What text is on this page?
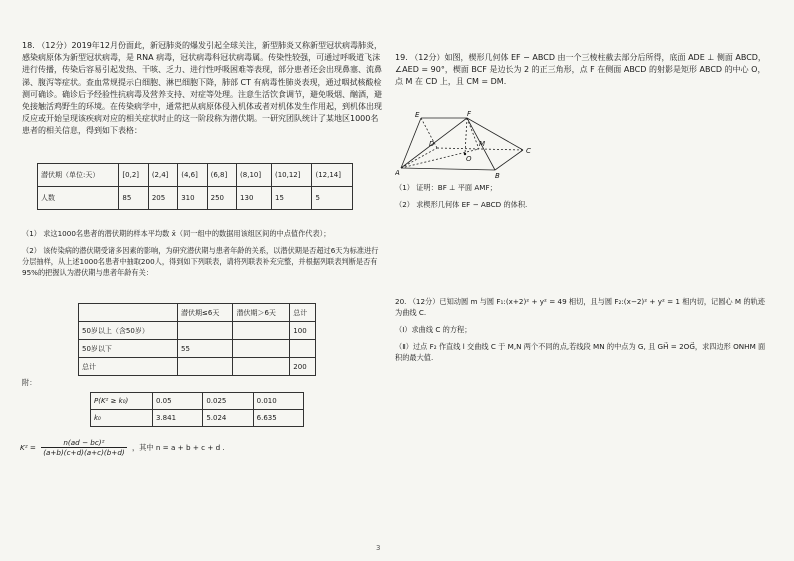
18. （12分）2019年12月份面此，新冠肺炎的爆发引起全球关注，新型肺炎又称新型冠状病毒肺炎，感染病原体为新型冠状病毒，是 RNA 病毒，冠状病毒科冠状病毒属。传染性较强，可通过呼吸道飞沫进行传播，传染后容易引起发热、干咳、乏力、进行性呼吸困难等表现，部分患者还会出现鼻塞、流鼻涕、腹泻等症状。查血常规提示白细胞、淋巴细胞下降，肺部 CT 有病毒性肺炎表现，通过咽拭核酸检测可确诊。确诊后予经验性抗病毒及营养支持、对症等处理。注意生活饮食调节，避免吸烟、酗酒，避免接触活鸡野生的环境。在传染病学中，通常把从病原体侵入机体或者对机体发生作用起，到机体出现反应或开始呈现该疾病对应的相关症状时止的这一阶段称为潜伏期。一研究团队统计了某地区1000名患者的相关信息，得到如下表格：

潜伏期（单位:天）	[0,2]	(2,4]	(4,6]	(6,8]	(8,10]	(10,12]	(12,14]
人数	85	205	310	250	130	15	5

（1） 求这1000名患者的潜伏期的样本平均数 x̄（同一组中的数据用该组区间的中点值作代表）；

（2） 该传染病的潜伏期受诸多因素的影响，为研究潜伏期与患者年龄的关系，以潜伏期是否超过6天为标准进行分层抽样，从上述1000名患者中抽取200人，得到如下列联表，请将列联表补充完整，并根据列联表判断是否有95%的把握认为潜伏期与患者年龄有关：

	潜伏期≤6天	潜伏期＞6天	总计
50岁以上（含50岁）			100
50岁以下	55		
总计			200
附：
P(K² ≥ k₀)	0.05	0.025	0.010
k₀	3.841	5.024	6.635
$K^2 = \frac{\text{n(ad − bc)²}}{(a+b)(c+d)(a+c)(b+d)}$ ，其中 n = a + b + c + d .

19. （12分）如图，楔形几何体 EF − ABCD 由一个三棱柱截去部分后所得，底面 ADE ⊥ 侧面 ABCD，∠AED = 90°，楔面 BCF 是边长为 2 的正三角形，点 F 在侧面 ABCD 的射影是矩形 ABCD 的中心 O，点 M 在 CD 上，且 CM = DM.

E	F
D	M
C
O
A	B

（1） 证明：BF ⊥ 平面 AMF；

（2） 求楔形几何体 EF − ABCD 的体积.

20. （12分）已知动圆 m 与圆 F₁:(x+2)² + y² = 49 相切，且与圆 F₂:(x−2)² + y² = 1 相内切，记圆心 M 的轨迹为曲线 C.

（Ⅰ）求曲线 C 的方程；

（Ⅱ）过点 F₂ 作直线 l 交曲线 C 于 M,N 两个不同的点,若线段 MN 的中点为 G, 且 GH⃗ = 2OG⃗，求四边形 ONHM 面积的最大值.

3
